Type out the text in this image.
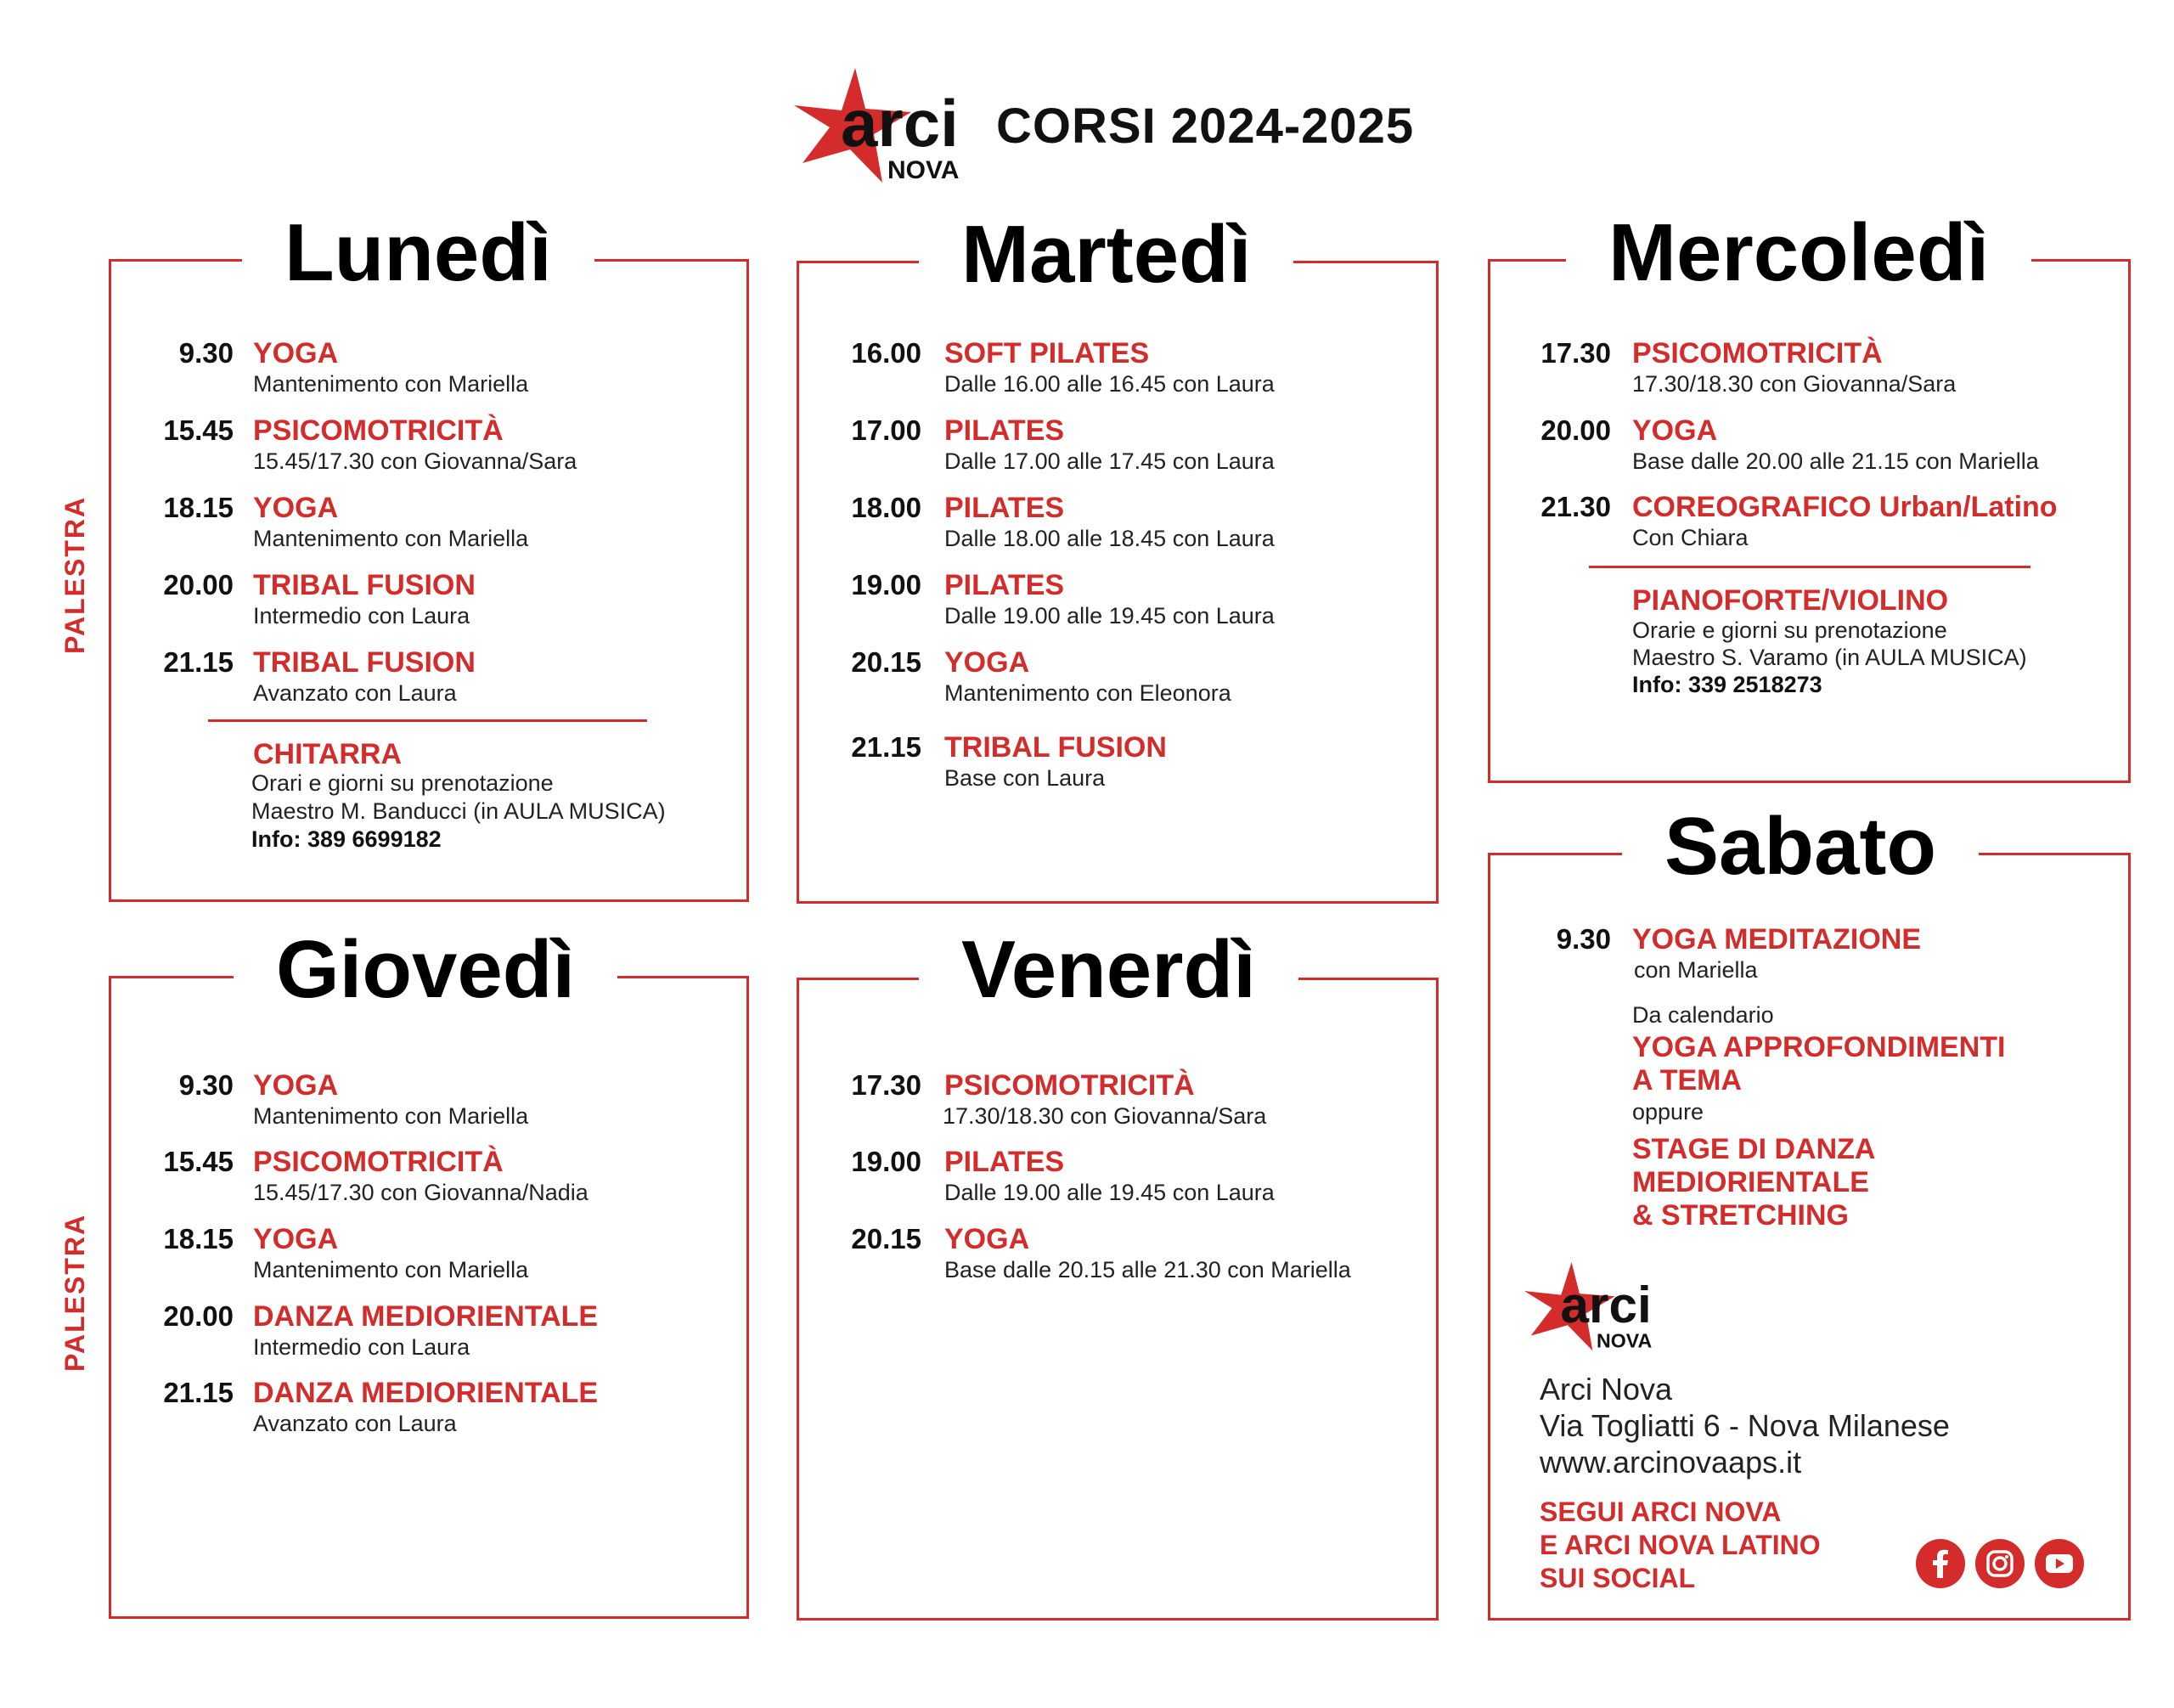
arci
NOVA
CORSI 2024-2025
Lunedì
PALESTRA
9.30 YOGA
Mantenimento con Mariella
15.45 PSICOMOTRICITÀ
15.45/17.30 con Giovanna/Sara
18.15 YOGA
Mantenimento con Mariella
20.00 TRIBAL FUSION
Intermedio con Laura
21.15 TRIBAL FUSION
Avanzato con Laura
CHITARRA
Orari e giorni su prenotazione
Maestro M. Banducci (in AULA MUSICA)
Info: 389 6699182
Martedì
16.00 SOFT PILATES
Dalle 16.00 alle 16.45 con Laura
17.00 PILATES
Dalle 17.00 alle 17.45 con Laura
18.00 PILATES
Dalle 18.00 alle 18.45 con Laura
19.00 PILATES
Dalle 19.00 alle 19.45 con Laura
20.15 YOGA
Mantenimento con Eleonora
21.15 TRIBAL FUSION
Base con Laura
Mercoledì
17.30 PSICOMOTRICITÀ
17.30/18.30 con Giovanna/Sara
20.00 YOGA
Base dalle 20.00 alle 21.15 con Mariella
21.30 COREOGRAFICO Urban/Latino
Con Chiara
PIANOFORTE/VIOLINO
Orarie e giorni su prenotazione
Maestro S. Varamo (in AULA MUSICA)
Info: 339 2518273
Giovedì
PALESTRA
9.30 YOGA
Mantenimento con Mariella
15.45 PSICOMOTRICITÀ
15.45/17.30 con Giovanna/Nadia
18.15 YOGA
Mantenimento con Mariella
20.00 DANZA MEDIORIENTALE
Intermedio con Laura
21.15 DANZA MEDIORIENTALE
Avanzato con Laura
Venerdì
17.30 PSICOMOTRICITÀ
17.30/18.30 con Giovanna/Sara
19.00 PILATES
Dalle 19.00 alle 19.45 con Laura
20.15 YOGA
Base dalle 20.15 alle 21.30 con Mariella
Sabato
9.30 YOGA MEDITAZIONE
con Mariella
Da calendario
YOGA APPROFONDIMENTI
A TEMA
oppure
STAGE DI DANZA
MEDIORIENTALE
& STRETCHING
arci
NOVA
Arci Nova
Via Togliatti 6 - Nova Milanese
www.arcinovaaps.it
SEGUI ARCI NOVA
E ARCI NOVA LATINO
SUI SOCIAL
